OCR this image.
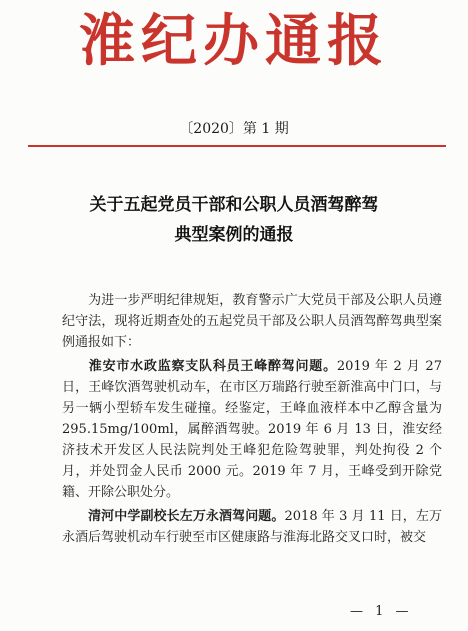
淮纪办通报
〔2020〕第 1 期
关于五起党员干部和公职人员酒驾醉驾
典型案例的通报

为进一步严明纪律规矩，教育警示广大党员干部及公职人员遵纪守法，现将近期查处的五起党员干部及公职人员酒驾醉驾典型案例通报如下：

淮安市水政监察支队科员王峰醉驾问题。2019 年 2 月 27 日，王峰饮酒驾驶机动车，在市区万瑞路行驶至新淮高中门口，与另一辆小型轿车发生碰撞。经鉴定，王峰血液样本中乙醇含量为 295.15mg/100ml，属醉酒驾驶。2019 年 6 月 13 日，淮安经济技术开发区人民法院判处王峰犯危险驾驶罪，判处拘役 2 个月，并处罚金人民币 2000 元。2019 年 7 月，王峰受到开除党籍、开除公职处分。

清河中学副校长左万永酒驾问题。2018 年 3 月 11 日，左万永酒后驾驶机动车行驶至市区健康路与淮海北路交叉口时，被交

— 1 —
